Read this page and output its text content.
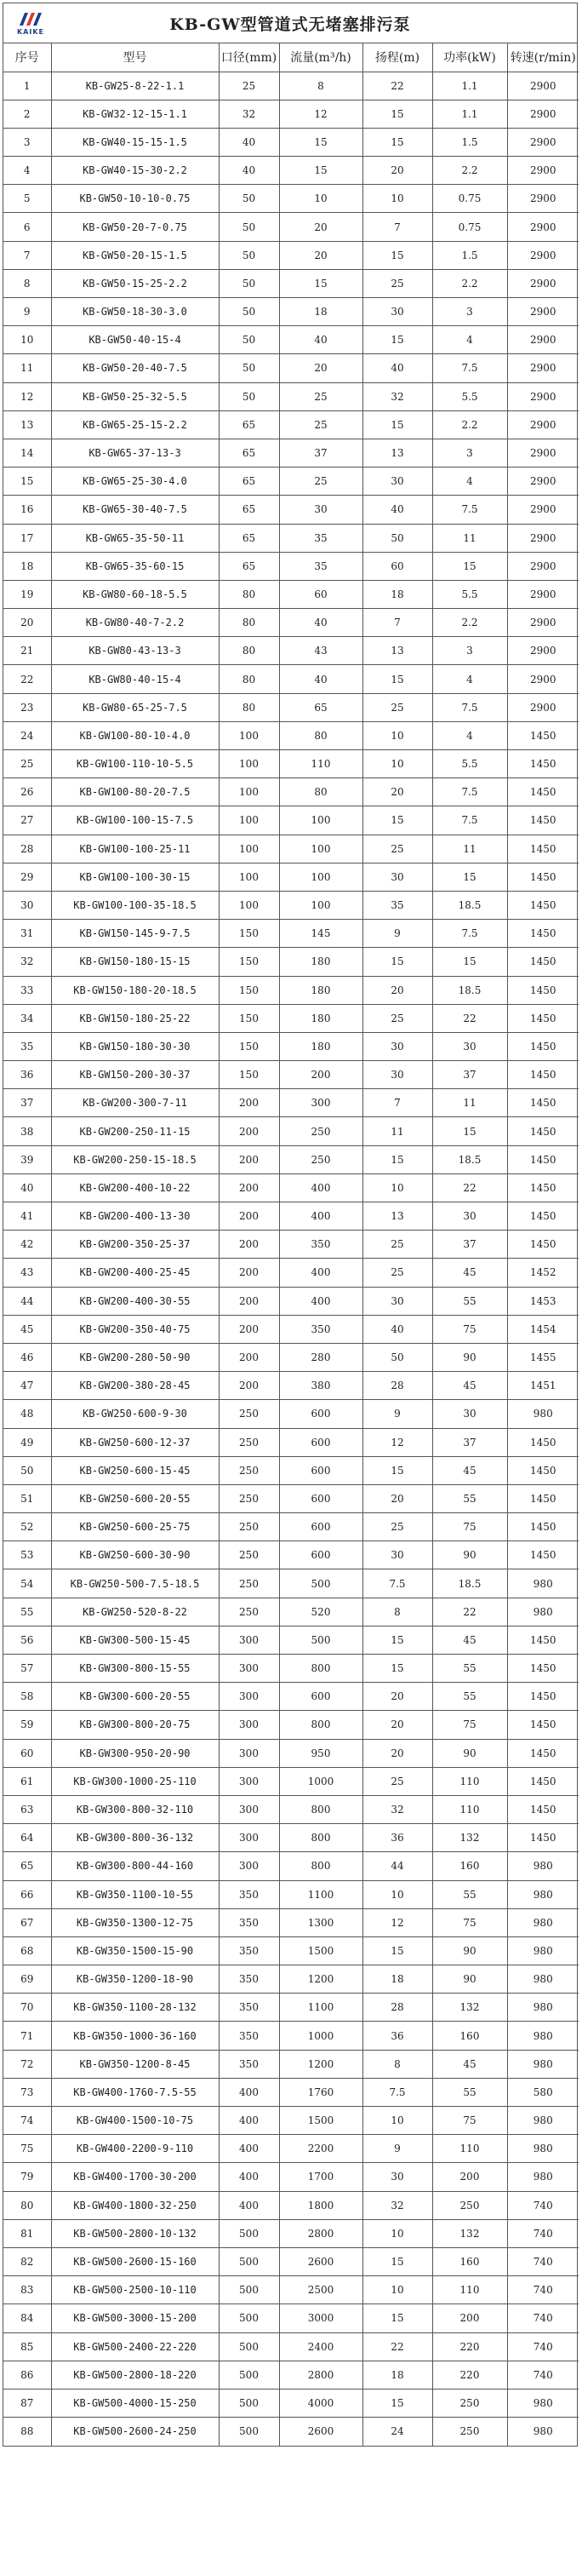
KAIKE	KB-GW型管道式无堵塞排污泵
序号	型号	口径(mm)	流量(m³/h)	扬程(m)	功率(kW)	转速(r/min)
1	KB-GW25-8-22-1.1	25	8	22	1.1	2900
2	KB-GW32-12-15-1.1	32	12	15	1.1	2900
3	KB-GW40-15-15-1.5	40	15	15	1.5	2900
4	KB-GW40-15-30-2.2	40	15	20	2.2	2900
5	KB-GW50-10-10-0.75	50	10	10	0.75	2900
6	KB-GW50-20-7-0.75	50	20	7	0.75	2900
7	KB-GW50-20-15-1.5	50	20	15	1.5	2900
8	KB-GW50-15-25-2.2	50	15	25	2.2	2900
9	KB-GW50-18-30-3.0	50	18	30	3	2900
10	KB-GW50-40-15-4	50	40	15	4	2900
11	KB-GW50-20-40-7.5	50	20	40	7.5	2900
12	KB-GW50-25-32-5.5	50	25	32	5.5	2900
13	KB-GW65-25-15-2.2	65	25	15	2.2	2900
14	KB-GW65-37-13-3	65	37	13	3	2900
15	KB-GW65-25-30-4.0	65	25	30	4	2900
16	KB-GW65-30-40-7.5	65	30	40	7.5	2900
17	KB-GW65-35-50-11	65	35	50	11	2900
18	KB-GW65-35-60-15	65	35	60	15	2900
19	KB-GW80-60-18-5.5	80	60	18	5.5	2900
20	KB-GW80-40-7-2.2	80	40	7	2.2	2900
21	KB-GW80-43-13-3	80	43	13	3	2900
22	KB-GW80-40-15-4	80	40	15	4	2900
23	KB-GW80-65-25-7.5	80	65	25	7.5	2900
24	KB-GW100-80-10-4.0	100	80	10	4	1450
25	KB-GW100-110-10-5.5	100	110	10	5.5	1450
26	KB-GW100-80-20-7.5	100	80	20	7.5	1450
27	KB-GW100-100-15-7.5	100	100	15	7.5	1450
28	KB-GW100-100-25-11	100	100	25	11	1450
29	KB-GW100-100-30-15	100	100	30	15	1450
30	KB-GW100-100-35-18.5	100	100	35	18.5	1450
31	KB-GW150-145-9-7.5	150	145	9	7.5	1450
32	KB-GW150-180-15-15	150	180	15	15	1450
33	KB-GW150-180-20-18.5	150	180	20	18.5	1450
34	KB-GW150-180-25-22	150	180	25	22	1450
35	KB-GW150-180-30-30	150	180	30	30	1450
36	KB-GW150-200-30-37	150	200	30	37	1450
37	KB-GW200-300-7-11	200	300	7	11	1450
38	KB-GW200-250-11-15	200	250	11	15	1450
39	KB-GW200-250-15-18.5	200	250	15	18.5	1450
40	KB-GW200-400-10-22	200	400	10	22	1450
41	KB-GW200-400-13-30	200	400	13	30	1450
42	KB-GW200-350-25-37	200	350	25	37	1450
43	KB-GW200-400-25-45	200	400	25	45	1452
44	KB-GW200-400-30-55	200	400	30	55	1453
45	KB-GW200-350-40-75	200	350	40	75	1454
46	KB-GW200-280-50-90	200	280	50	90	1455
47	KB-GW200-380-28-45	200	380	28	45	1451
48	KB-GW250-600-9-30	250	600	9	30	980
49	KB-GW250-600-12-37	250	600	12	37	1450
50	KB-GW250-600-15-45	250	600	15	45	1450
51	KB-GW250-600-20-55	250	600	20	55	1450
52	KB-GW250-600-25-75	250	600	25	75	1450
53	KB-GW250-600-30-90	250	600	30	90	1450
54	KB-GW250-500-7.5-18.5	250	500	7.5	18.5	980
55	KB-GW250-520-8-22	250	520	8	22	980
56	KB-GW300-500-15-45	300	500	15	45	1450
57	KB-GW300-800-15-55	300	800	15	55	1450
58	KB-GW300-600-20-55	300	600	20	55	1450
59	KB-GW300-800-20-75	300	800	20	75	1450
60	KB-GW300-950-20-90	300	950	20	90	1450
61	KB-GW300-1000-25-110	300	1000	25	110	1450
63	KB-GW300-800-32-110	300	800	32	110	1450
64	KB-GW300-800-36-132	300	800	36	132	1450
65	KB-GW300-800-44-160	300	800	44	160	980
66	KB-GW350-1100-10-55	350	1100	10	55	980
67	KB-GW350-1300-12-75	350	1300	12	75	980
68	KB-GW350-1500-15-90	350	1500	15	90	980
69	KB-GW350-1200-18-90	350	1200	18	90	980
70	KB-GW350-1100-28-132	350	1100	28	132	980
71	KB-GW350-1000-36-160	350	1000	36	160	980
72	KB-GW350-1200-8-45	350	1200	8	45	980
73	KB-GW400-1760-7.5-55	400	1760	7.5	55	580
74	KB-GW400-1500-10-75	400	1500	10	75	980
75	KB-GW400-2200-9-110	400	2200	9	110	980
79	KB-GW400-1700-30-200	400	1700	30	200	980
80	KB-GW400-1800-32-250	400	1800	32	250	740
81	KB-GW500-2800-10-132	500	2800	10	132	740
82	KB-GW500-2600-15-160	500	2600	15	160	740
83	KB-GW500-2500-10-110	500	2500	10	110	740
84	KB-GW500-3000-15-200	500	3000	15	200	740
85	KB-GW500-2400-22-220	500	2400	22	220	740
86	KB-GW500-2800-18-220	500	2800	18	220	740
87	KB-GW500-4000-15-250	500	4000	15	250	980
88	KB-GW500-2600-24-250	500	2600	24	250	980
